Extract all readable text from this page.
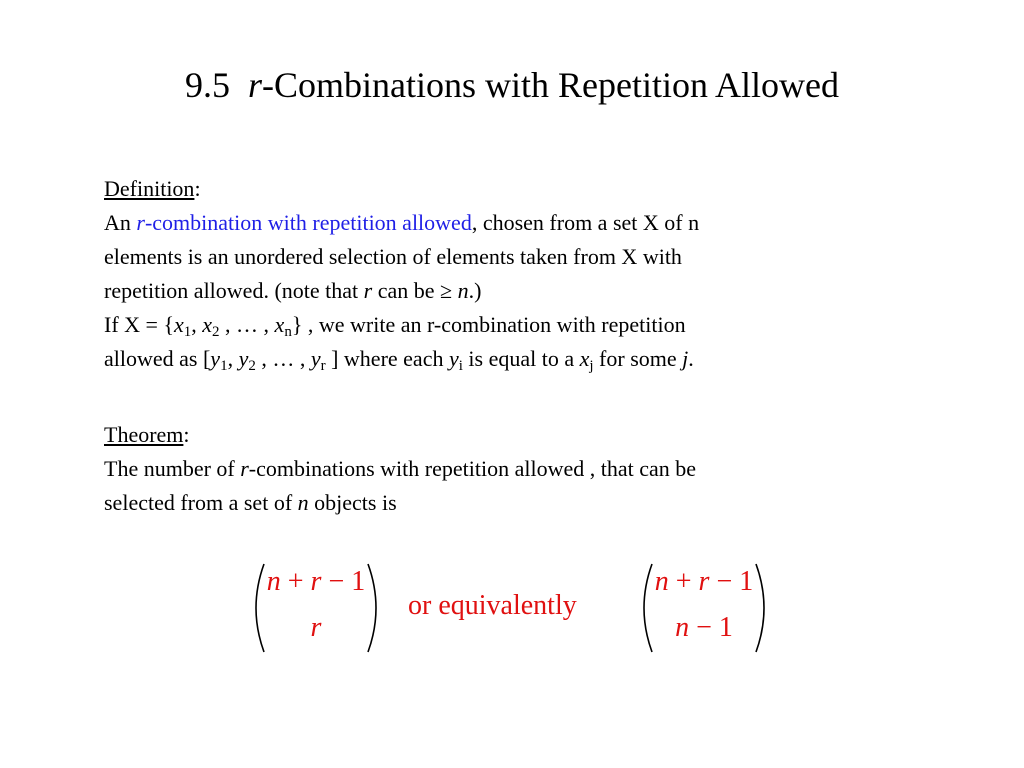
9.5 r-Combinations with Repetition Allowed
Definition:
An r-combination with repetition allowed, chosen from a set X of n
elements is an unordered selection of elements taken from X with
repetition allowed. (note that r can be ≥ n.)
If $X = \{x_1$, $x_2$ , … , $x_n$} , we write an r-combination with repetition
allowed as [$y_1$, $y_2$ , … , $y_r$ ] where each $y_i$ is equal to a $x_j$ for some j.
Theorem:
The number of r-combinations with repetition allowed , that can be
selected from a set of n objects is
n + r − 1
r
or equivalently
n + r − 1
n − 1
